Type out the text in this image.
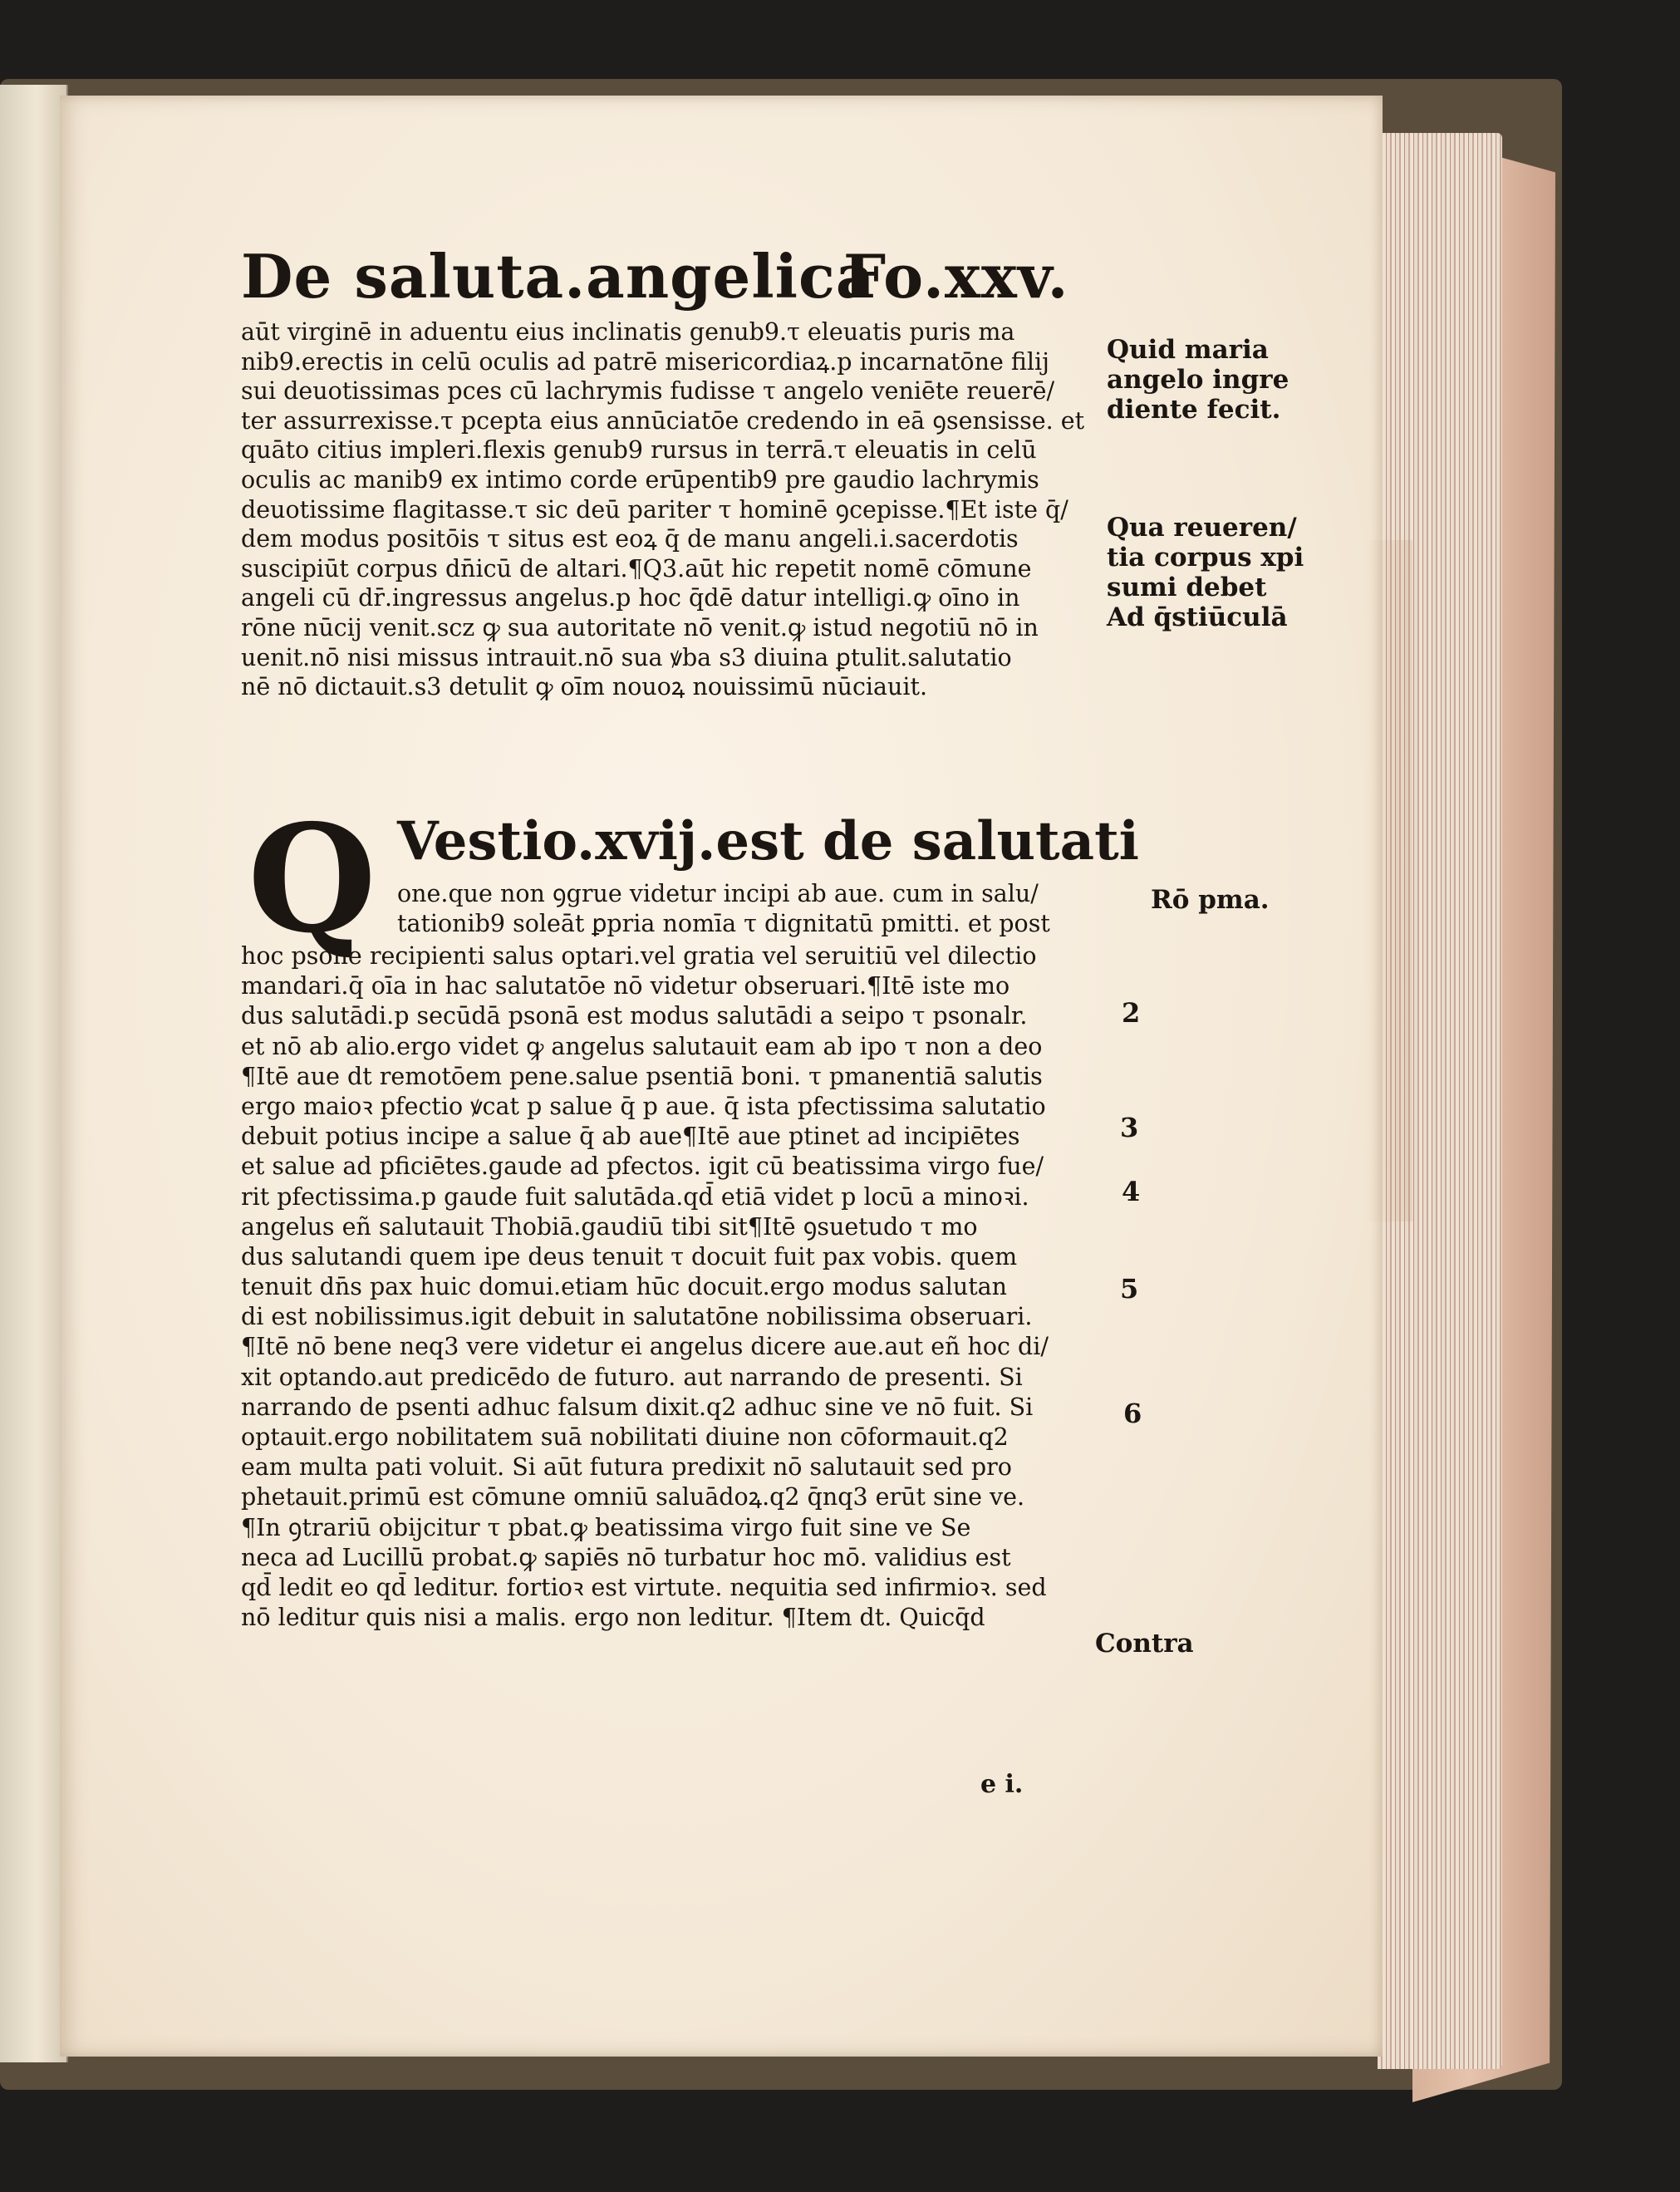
De saluta.angelica
Fo.xxv.
aūt virginē in aduentu eius inclinatis genub9.τ eleuatis puris ma
nib9.erectis in celū oculis ad patrē misericordiaꝝ.p incarnatōne filij
sui deuotissimas pces cū lachrymis fudisse τ angelo veniēte reuerē/
ter assurrexisse.τ pcepta eius annūciatōe credendo in eā ꝯsensisse. et
quāto citius impleri.flexis genub9 rursus in terrā.τ eleuatis in celū
oculis ac manib9 ex intimo corde erūpentib9 pre gaudio lachrymis
deuotissime flagitasse.τ sic deū pariter τ hominē ꝯcepisse.¶Et iste q̄/
dem modus positōis τ situs est eoꝝ q̄ de manu angeli.i.sacerdotis
suscipiūt corpus dn̄icū de altari.¶Q3.aūt hic repetit nomē cōmune
angeli cū dr̄.ingressus angelus.p hoc q̄dē datur intelligi.ꝙ oīno in
rōne nūcij venit.scz ꝙ sua autoritate nō venit.ꝙ istud negotiū nō in
uenit.nō nisi missus intrauit.nō sua ꝟba s3 diuina ꝑtulit.salutatio
nē nō dictauit.s3 detulit ꝙ oīm nouoꝝ nouissimū nūciauit.
Q Vestio.xvij.est de salutati
one.que non ꝯgrue videtur incipi ab aue. cum in salu/
tationib9 soleāt ꝑpria nomīa τ dignitatū pmitti. et post
hoc psone recipienti salus optari.vel gratia vel seruitiū vel dilectio
mandari.q̄ oīa in hac salutatōe nō videtur obseruari.¶Itē iste mo
dus salutādi.p secūdā psonā est modus salutādi a seipo τ psonalr.
et nō ab alio.ergo videt ꝙ angelus salutauit eam ab ipo τ non a deo
¶Itē aue dt remotōem pene.salue psentiā boni. τ pmanentiā salutis
ergo maioꝛ pfectio ꝟcat p salue q̄ p aue. q̄ ista pfectissima salutatio
debuit potius incipe a salue q̄ ab aue¶Itē aue ptinet ad incipiētes
et salue ad pficiētes.gaude ad pfectos. igit cū beatissima virgo fue/
rit pfectissima.p gaude fuit salutāda.qd̄ etiā videt p locū a minoꝛi.
angelus eñ salutauit Thobiā.gaudiū tibi sit¶Itē ꝯsuetudo τ mo
dus salutandi quem ipe deus tenuit τ docuit fuit pax vobis. quem
tenuit dn̄s pax huic domui.etiam hūc docuit.ergo modus salutan
di est nobilissimus.igit debuit in salutatōne nobilissima obseruari.
¶Itē nō bene neq3 vere videtur ei angelus dicere aue.aut eñ hoc di/
xit optando.aut predicēdo de futuro. aut narrando de presenti. Si
narrando de psenti adhuc falsum dixit.q2 adhuc sine ve nō fuit. Si
optauit.ergo nobilitatem suā nobilitati diuine non cōformauit.q2
eam multa pati voluit. Si aūt futura predixit nō salutauit sed pro
phetauit.primū est cōmune omniū saluādoꝝ.q2 q̄nq3 erūt sine ve.
¶In ꝯtrariū obijcitur τ pbat.ꝙ beatissima virgo fuit sine ve Se
neca ad Lucillū probat.ꝙ sapiēs nō turbatur hoc mō. validius est
qd̄ ledit eo qd̄ leditur. fortioꝛ est virtute. nequitia sed infirmioꝛ. sed
nō leditur quis nisi a malis. ergo non leditur. ¶Item dt. Quicq̄d
e i.
Quid maria
angelo ingre
diente fecit.
Qua reueren/
tia corpus xpi
sumi debet
Ad q̄stiūculā
Rō pma.
Contra
2
3
4
5
6
